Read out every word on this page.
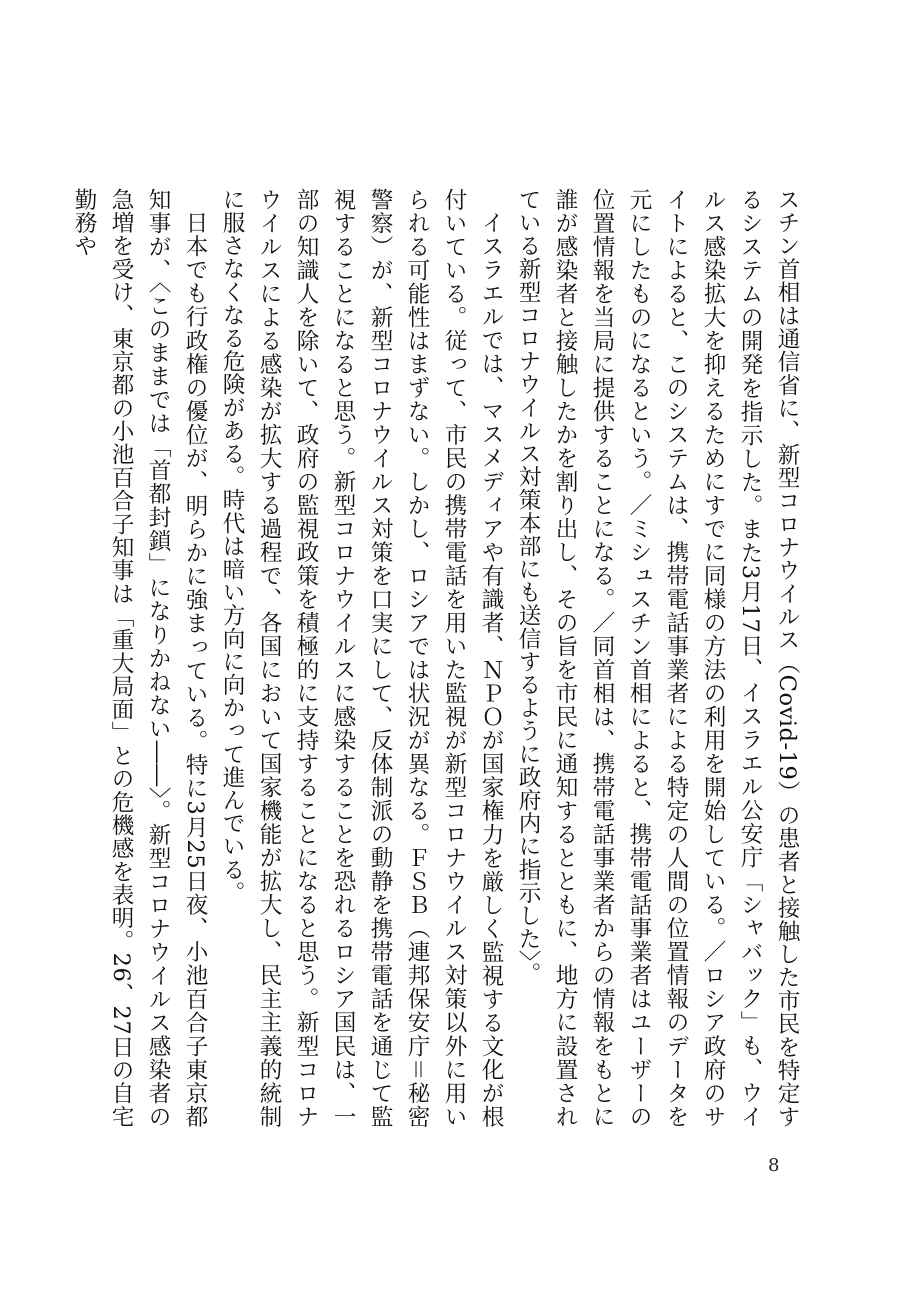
スチン首相は通信省に、新型コロナウイルス（Covid-19）の患者と接触した市民を特定するシステムの開発を指示した。また3月17日、イスラエル公安庁「シャバック」も、ウイルス感染拡大を抑えるためにすでに同様の方法の利用を開始している。／ロシア政府のサイトによると、このシステムは、携帯電話事業者による特定の人間の位置情報のデータを元にしたものになるという。／ミシュスチン首相によると、携帯電話事業者はユーザーの位置情報を当局に提供することになる。／同首相は、携帯電話事業者からの情報をもとに誰が感染者と接触したかを割り出し、その旨を市民に通知するとともに、地方に設置されている新型コロナウイルス対策本部にも送信するように政府内に指示した〉。

イスラエルでは、マスメディアや有識者、ＮＰＯが国家権力を厳しく監視する文化が根付いている。従って、市民の携帯電話を用いた監視が新型コロナウイルス対策以外に用いられる可能性はまずない。しかし、ロシアでは状況が異なる。ＦＳＢ（連邦保安庁＝秘密警察）が、新型コロナウイルス対策を口実にして、反体制派の動静を携帯電話を通じて監視することになると思う。新型コロナウイルスに感染することを恐れるロシア国民は、一部の知識人を除いて、政府の監視政策を積極的に支持することになると思う。新型コロナウイルスによる感染が拡大する過程で、各国において国家機能が拡大し、民主主義的統制に服さなくなる危険がある。時代は暗い方向に向かって進んでいる。

日本でも行政権の優位が、明らかに強まっている。特に3月25日夜、小池百合子東京都知事が、〈このままでは「首都封鎖」になりかねない――〉。新型コロナウイルス感染者の急増を受け、東京都の小池百合子知事は「重大局面」との危機感を表明。26、27日の自宅勤務や

8
